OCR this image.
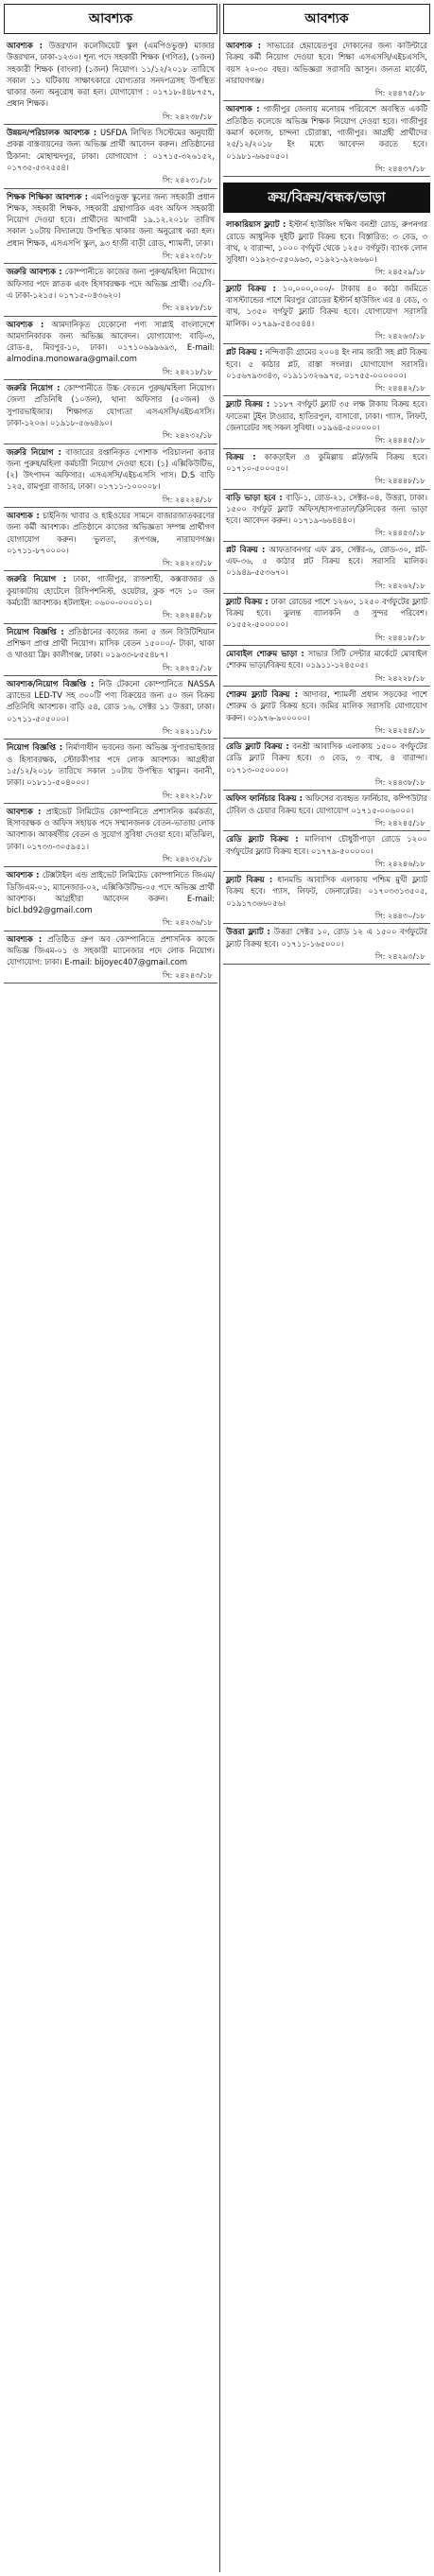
আবশ্যক
আবশ্যক : উত্তরখান কলেজিয়েট স্কুল (এমপিওভুক্ত) মাজার উত্তরখান, ঢাকা-১২৩০। শূন্য পদে সহকারী শিক্ষক (গণিত), (১জন) সহকারী শিক্ষক (বাংলা) (১জন) নিয়োগ। ১১/১২/২০১৮ তারিখে সকাল ১১ ঘটিকায় সাক্ষাৎকারে যোগ্যতার সনদপত্রসহ উপস্থিত থাকার জন্য অনুরোধ করা হল। যোগাযোগ : ০১৭১৮-৪৪৮৭৫৭, প্রধান শিক্ষক।
সি: ২৪২৩৮/১৮
উন্নয়ন/পরিচালক আবশ্যক : USFDA লিখিত সিস্টেমের অনুযায়ী প্রকল্প বাস্তবায়নের জন্য অভিজ্ঞ প্রার্থী আবেদন করুন। প্রতিষ্ঠানের ঠিকানা: মোহাম্মদপুর, ঢাকা। যোগাযোগ : ০১৭১৫-৩২৬১৫২, ০১৭৩৫-৫৩২৫৫৪।
সি: ২৪২৩১/১৮
শিক্ষক শিক্ষিকা আবশ্যক : এমপিওভুক্ত স্কুলের জন্য সহকারী প্রধান শিক্ষক, সহকারী শিক্ষক, সহকারী গ্রন্থাগারিক এবং অফিস সহকারী নিয়োগ দেওয়া হবে। প্রার্থীদের আগামী ১৯.১২.২০১৮ তারিখ সকাল ১০টায় বিদ্যালয়ে উপস্থিত থাকার জন্য অনুরোধ করা হল। প্রধান শিক্ষক, এসএসপি স্কুল, ৯৩ হাজী বাড়ী রোড, শ্যামলী, ঢাকা।
সি: ২৪২২৩/১৮
জরুরি আবশ্যক : কোম্পানীতে কাজের জন্য পুরুষ/মহিলা নিয়োগ। অফিসার পদে স্নাতক এবং হিসাবরক্ষক পদে অভিজ্ঞ প্রার্থী। ৩৫/বি-এ ঢাকা-১২১৫। ০১৭১৫-০৪৩৬২০।
সি: ২৪২৮৮/১৮
আবশ্যক : আমদানিকৃত যেকোনো পণ্য সাপ্লাই বাংলাদেশে আমদানিকারক জন্য অভিজ্ঞ আবেদন। যোগাযোগ: বাড়ি-৩, রোড-৪, মিরপুর-১০, ঢাকা। ০১৭১০৬৯৯৬৯৩, E-mail: almodina.monowara@gmail.com
সি: ২৪২১৮/১৮
জরুরি নিয়োগ : কোম্পানীতে উচ্চ বেতনে পুরুষ/মহিলা নিয়োগ। জেলা প্রতিনিধি (১০জন), থানা অফিসার (৫০জন) ও সুপারভাইজার। শিক্ষাগত যোগ্যতা এসএসসি/এইচএসসি। ঢাকা-১২০৬। ০১৯১৮-৫৬৬৪৯০।
সি: ২৪২৩২/১৮
জরুরি নিয়োগ : বাজারের রপ্তানিকৃত পোশাক পরিচালনা করার জন্য পুরুষ/মহিলা কর্মচারী নিয়োগ দেওয়া হবে। (১) এক্সিকিউটিভ, (২) উৎপাদন অফিসার। এসএসসি/এইচএসসি পাস। D.S বাড়ি ১২৫, রামপুরা বাজার, ঢাকা। ০১৭১১-১০০০০৮।
সি: ২৪২২৪/১৮
আবশ্যক : চাইনিজ খাবার ও হাইওয়ের সামনে বাজারজাতকরণের জন্য কর্মী আবশ্যক। প্রতিষ্ঠানে কাজের অভিজ্ঞতা সম্পন্ন প্রার্থীগণ যোগাযোগ করুন। ভুলতা, রূপগঞ্জ, নারায়ণগঞ্জ। ০১৭১১-৮৭০০০০।
সি: ২৪২২৩/১৮
জরুরি নিয়োগ : ঢাকা, গাজীপুর, রাজশাহী, কক্সবাজার ও কুয়াকাটায় হোটেলে রিসিপশনিস্ট, ওয়েটার, কুক পদে ১০ জন কর্মচারী আবশ্যক। হটলাইন: ০৬০০-০০০০১০।
সি: ২৪২৪৪/১৮
নিয়োগ বিজ্ঞপ্তি : প্রতিষ্ঠানের কাজের জন্য ৫ জন বিউটিশিয়ান প্রশিক্ষণ প্রাপ্ত প্রার্থী নিয়োগ। মাসিক বেতন ১৫০০০/- টাকা, থাকা ও খাওয়া ফ্রি। কালীগঞ্জ, ঢাকা। ০১৯৩৩-৮৫৫৪৮৭।
সি: ২৪২৫১/১৮
আবশ্যক/নিয়োগ বিজ্ঞপ্তি : নিউ টেকনো কোম্পানিতে NASSA ব্র্যান্ডের LED-TV সহ ৩০০টি পণ্য বিক্রয়ের জন্য ৫০ জন বিক্রয় প্রতিনিধি আবশ্যক। বাড়ি ৫৪, রোড ১৬, সেক্টর ১১ উত্তরা, ঢাকা। ০১৭১১-৫০৫০০০।
সি: ২৪২১১/১৮
নিয়োগ বিজ্ঞপ্তি : নির্মাণাধীন ভবনের জন্য অভিজ্ঞ সুপারভাইজার ও হিসাবরক্ষক, স্টোরকীপার পদে লোক আবশ্যক। আগ্রহীরা ১৫/১২/২০১৮ তারিখে সকাল ১০টায় উপস্থিত থাকুন। বনানী, ঢাকা। ০১৮১১-৫০৪০০০।
সি: ২৪২২১/১৮
আবশ্যক : প্রাইভেট লিমিটেড কোম্পানিতে প্রশাসনিক কর্মকর্তা, হিসাবরক্ষক ও অফিস সহায়ক পদে সম্মানজনক বেতন-ভাতায় লোক আবশ্যক। আকর্ষণীয় বেতন ও সুযোগ সুবিধা দেওয়া হবে। মতিঝিল, ঢাকা। ০১৭৩৩-৩০৫৯৫১।
সি: ২৪২৩২/১৮
আবশ্যক : টেক্সটাইল এন্ড প্রাইভেট লিমিটেড কোম্পানিতে জিএম/ডিজিএম-০১, ম্যানেজার-০২, এক্সিকিউটিভ-০৫ পদে অভিজ্ঞ প্রার্থী আবশ্যক। আগ্রহীরা আবেদন করুন। E-mail: bicl.bd92@gmail.com
সি: ২৪২৩৬/১৮
আবশ্যক : প্রতিষ্ঠিত গ্রুপ অব কোম্পানিতে প্রশাসনিক কাজে অভিজ্ঞ জিএম-০১ ও সহকারী ম্যানেজার পদে লোক নিয়োগ। যোগাযোগ: ঢাকা। E-mail: bijoyec407@gmail.com
সি: ২৪২৪৩/১৮
আবশ্যক
আবশ্যক : সাভারের হেমায়েতপুর দোকানের জন্য কাউন্টারে বিক্রয় কর্মী নিয়োগ দেওয়া হবে। শিক্ষা এসএসসি/এইচএসসি, বয়স ২০-৩০ বছর। অভিজ্ঞরা সরাসরি আসুন। জনতা মার্কেট, নারায়ণগঞ্জ।
সি: ২৪৪৭৫/১৮
আবশ্যক : গাজীপুর জেলায় মনোরম পরিবেশে অবস্থিত একটি প্রতিষ্ঠিত কলেজে অভিজ্ঞ শিক্ষক নিয়োগ দেওয়া হবে। গাজীপুর কমার্স কলেজ, চান্দনা চৌরাস্তা, গাজীপুর। আগ্রহী প্রার্থীদের ২৫/১২/২০১৮ ইং মধ্যে আবেদন করতে হবে। ০১৯৮১-৬৬৫০৫০।
সি: ২৪৪৩৭/১৮
ক্রয়/বিক্রয়/বন্ধক/ভাড়া
লাকারিয়াস ফ্ল্যাট : ইস্টার্ন হাউজিং দক্ষিণ বনশ্রী রোড, রুপনগর রোডে আধুনিক দুইটি ফ্ল্যাট বিক্রয় হবে। বিস্তারিত: ৩ বেড, ৩ বাথ, ২ বারান্দা, ১০০০ বর্গফুট থেকে ১২৫০ বর্গফুট। ব্যাংক লোন সুবিধা। ০১৯২৩-৫৫০৯৬৩, ০১৯২১-৯২৬৬৬০।
সি: ২৪৫২৯/১৮
ফ্ল্যাট বিক্রয় : ১০,০০০,০০০/- টাকায় ৪০ কাঠা জমিতে বাসস্ট্যান্ডের পাশে মিরপুর রোডের ইস্টার্ন হাউজিং এর ৪ বেড, ৩ বাথ, ১৩৫০ বর্গফুট ফ্ল্যাট বিক্রয় হবে। যোগাযোগ সরাসরি মালিক। ০১৭৯৯-৫৪৩৫৪৪।
সি: ২৪২৬৩/১৮
প্লট বিক্রয় : নন্দিবাড়ী গ্রামের ২০০৪ ইং নাম জারী সহ প্লট বিক্রয় হবে। ৫ কাঠার প্লট, রাস্তা সংলগ্ন। যোগাযোগ সরাসরি। ০১৫৬৭৯৩৩৪৩, ০১৯১১৩২৬৯৭৫, ০১৭৫৫-০০০০০০।
সি: ২৪৪৪২/১৮
ফ্ল্যাট বিক্রয় : ১১৮৭ বর্গফুট ফ্ল্যাট ৩৫ লক্ষ টাকায় বিক্রয় হবে। ফাতেমা টুইন টাওয়ার, হাতিরপুল, বাসাবো, ঢাকা। গ্যাস, লিফট, জেনারেটর সহ সকল সুবিধা। ০১৯৬৪-৫০০০০০।
সি: ২৪৪৪৫/১৮
বিক্রয় : কাকড়াইল ও কুমিল্লায় প্লট/জমি বিক্রয় হবে। ০১৭১০-৫০০০৫০।
সি: ২৪৪৪৮/১৮
বাড়ি ভাড়া হবে : বাড়ি-১, রোড-২১, সেক্টর-০৪, উত্তরা, ঢাকা। ১৫০০ বর্গফুট ফ্ল্যাট অফিস/হাসপাতাল/ক্লিনিকের জন্য ভাড়া হবে। আবেদন করুন। ০১৭১৯-৬৬৪৪৪০।
সি: ২৪৪৫৩/১৮
প্লট বিক্রয় : আফতাবনগর এফ ব্লক, সেক্টর-৬, রোড-৩০, প্লট-এফ-৩৬, ৫ কাঠার প্লট বিক্রয় হবে। সরাসরি মালিক। ০১৯৪৯-৫৫৩৬৭০।
সি: ২৪২৬২/১৮
ফ্ল্যাট বিক্রয় : ঢাকা রোডের পাশে ১২৬০, ১২৫০ বর্গফুটের ফ্ল্যাট বিক্রয় হবে। ঝুলন্ত ব্যালকনি ও সুন্দর পরিবেশ। ০১৫৫২-৫০০০০০।
সি: ২৪৪১৮/১৮
মোবাইল শোরুম ভাড়া : সাভার সিটি সেন্টার মার্কেটে মোবাইল শোরুম ভাড়া/বিক্রয় হবে। ০১৯১১-১২৪৫০৫।
সি: ২৪২২৮/১৮
শোরুম ফ্ল্যাট বিক্রয় : আদাবর, শ্যামলী প্রধান সড়কের পাশে শোরুম ও ফ্ল্যাট বিক্রয় হবে। জমির মালিক সরাসরি যোগাযোগ করুন। ০১৯৭৬-৯০০০০০।
সি: ২৪২৫৪/১৮
রেডি ফ্ল্যাট বিক্রয় : বনশ্রী আবাসিক এলাকায় ১৫০০ বর্গফুটের রেডি ফ্ল্যাট বিক্রয় হবে। ৩ বেড, ৩ বাথ, ৪ বারান্দা। ০১৭১৩-০৫০০০০।
সি: ২৪৪৩৮/১৮
অফিস ফার্নিচার বিক্রয় : অফিসের ব্যবহৃত ফার্নিচার, কম্পিউটার টেবিল ও চেয়ার বিক্রয় হবে। যোগাযোগ ০১৭১৫-০০৬০০০।
সি: ২৪২৪৫/১৮
রেডি ফ্ল্যাট বিক্রয় : মালিবাগ চৌধুরীপাড়া রোডে ১২০০ বর্গফুটের ফ্ল্যাট বিক্রয় হবে। ০১৭৭৯-৫০০০০০।
সি: ২৪২৪৬/১৮
ফ্ল্যাট বিক্রয় : ধানমন্ডি আবাসিক এলাকায় পশ্চিম মুখী ফ্ল্যাট বিক্রয় হবে। গ্যাস, লিফট, জেনারেটর। ০১৭০৩৩১৩৫০৫, ০১৯১৭৩৬৬০৫৬।
সি: ২৪৪৩০/১৮
উত্তরা ফ্ল্যাট : উত্তরা সেক্টর ১০, রোড ১২ এ ১৫০০ বর্গফুটের ফ্ল্যাট বিক্রয় হবে। ০১৭১১-১৬৫০০০।
সি: ২৪২৯৩/১৮
